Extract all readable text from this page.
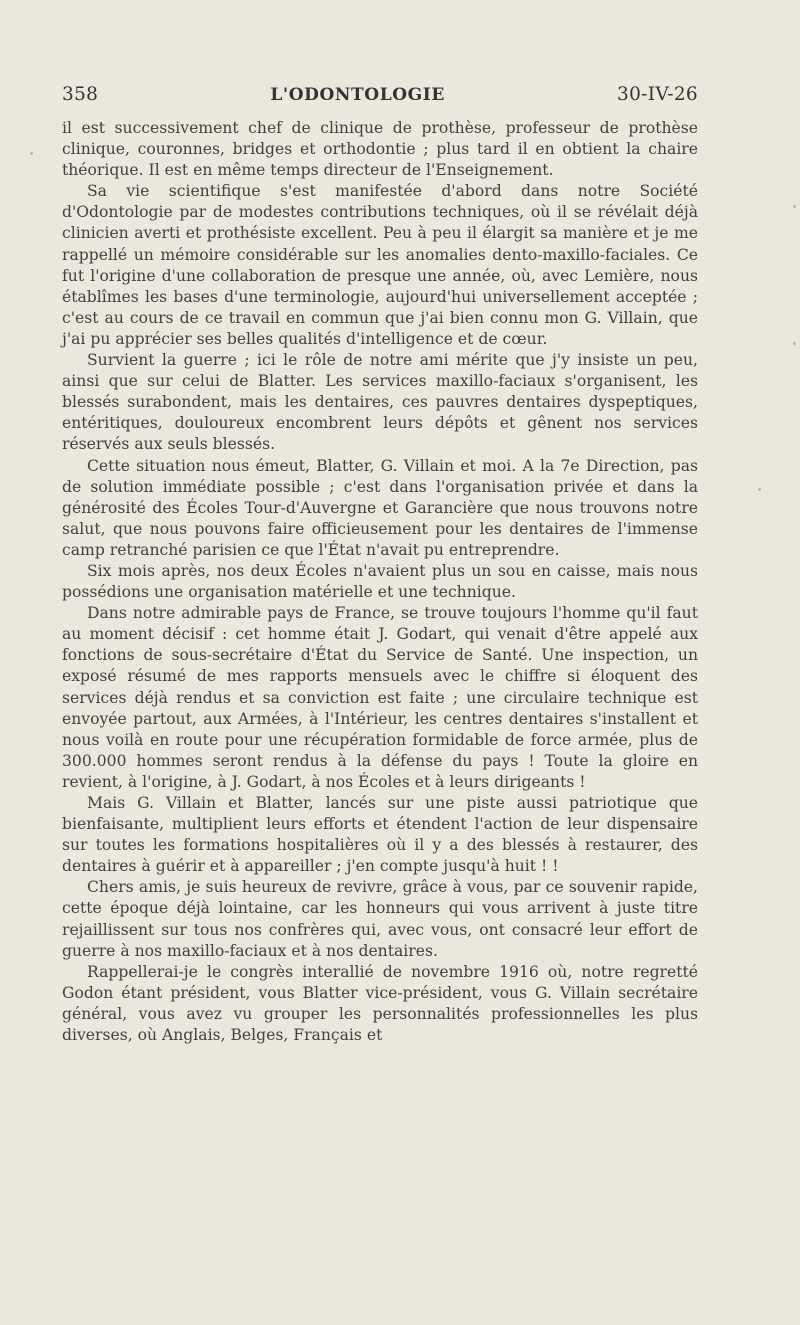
358	L'ODONTOLOGIE	30-IV-26

il est successivement chef de clinique de prothèse, professeur de prothèse clinique, couronnes, bridges et orthodontie ; plus tard il en obtient la chaire théorique. Il est en même temps directeur de l'Enseignement.

Sa vie scientifique s'est manifestée d'abord dans notre Société d'Odontologie par de modestes contributions techniques, où il se révélait déjà clinicien averti et prothésiste excellent. Peu à peu il élargit sa manière et je me rappellé un mémoire considérable sur les anomalies dento-maxillo-faciales. Ce fut l'origine d'une collaboration de presque une année, où, avec Lemière, nous établîmes les bases d'une terminologie, aujourd'hui universellement acceptée ; c'est au cours de ce travail en commun que j'ai bien connu mon G. Villain, que j'ai pu apprécier ses belles qualités d'intelligence et de cœur.

Survient la guerre ; ici le rôle de notre ami mérite que j'y insiste un peu, ainsi que sur celui de Blatter. Les services maxillo-faciaux s'organisent, les blessés surabondent, mais les dentaires, ces pauvres dentaires dyspeptiques, entéritiques, douloureux encombrent leurs dépôts et gênent nos services réservés aux seuls blessés.

Cette situation nous émeut, Blatter, G. Villain et moi. A la 7e Direction, pas de solution immédiate possible ; c'est dans l'organisation privée et dans la générosité des Écoles Tour-d'Auvergne et Garancière que nous trouvons notre salut, que nous pouvons faire officieusement pour les dentaires de l'immense camp retranché parisien ce que l'État n'avait pu entreprendre.

Six mois après, nos deux Écoles n'avaient plus un sou en caisse, mais nous possédions une organisation matérielle et une technique.

Dans notre admirable pays de France, se trouve toujours l'homme qu'il faut au moment décisif : cet homme était J. Godart, qui venait d'être appelé aux fonctions de sous-secrétaire d'État du Service de Santé. Une inspection, un exposé résumé de mes rapports mensuels avec le chiffre si éloquent des services déjà rendus et sa conviction est faite ; une circulaire technique est envoyée partout, aux Armées, à l'Intérieur, les centres dentaires s'installent et nous voilà en route pour une récupération formidable de force armée, plus de 300.000 hommes seront rendus à la défense du pays ! Toute la gloire en revient, à l'origine, à J. Godart, à nos Écoles et à leurs dirigeants !

Mais G. Villain et Blatter, lancés sur une piste aussi patriotique que bienfaisante, multiplient leurs efforts et étendent l'action de leur dispensaire sur toutes les formations hospitalières où il y a des blessés à restaurer, des dentaires à guérir et à appareiller ; j'en compte jusqu'à huit ! !

Chers amis, je suis heureux de revivre, grâce à vous, par ce souvenir rapide, cette époque déjà lointaine, car les honneurs qui vous arrivent à juste titre rejaillissent sur tous nos confrères qui, avec vous, ont consacré leur effort de guerre à nos maxillo-faciaux et à nos dentaires.

Rappellerai-je le congrès interallié de novembre 1916 où, notre regretté Godon étant président, vous Blatter vice-président, vous G. Villain secrétaire général, vous avez vu grouper les personnalités professionnelles les plus diverses, où Anglais, Belges, Français et
